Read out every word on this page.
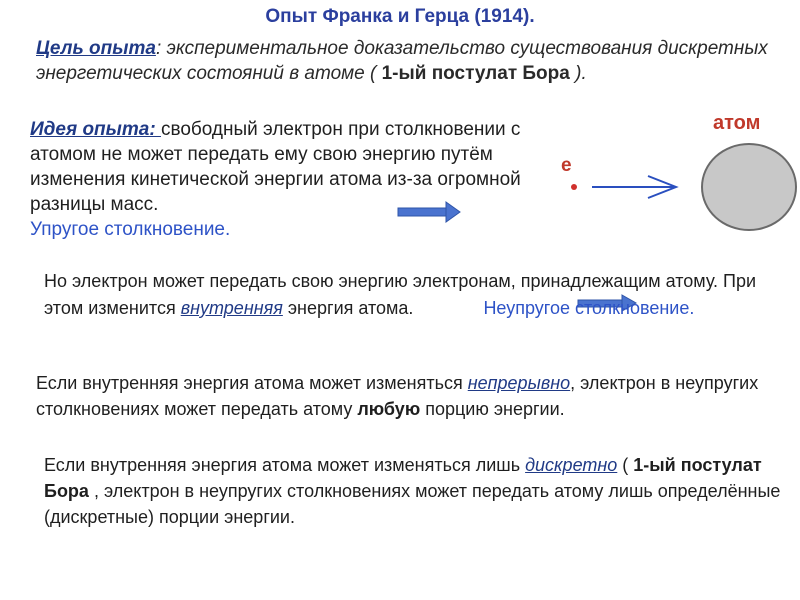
Опыт Франка и Герца (1914).
Цель опыта: экспериментальное доказательство существования дискретных энергетических состояний в атоме ( 1-ый постулат Бора ).
Идея опыта: свободный электрон при столкновении с атомом не может передать ему свою энергию путём изменения кинетической энергии атома из-за огромной разницы масс.
Упругое столкновение.
атом
e
Но электрон может передать свою энергию электронам, принадлежащим атому. При этом изменится внутренняя энергия атома.	Неупругое столкновение.
Если внутренняя энергия атома может изменяться непрерывно, электрон в неупругих столкновениях может передать атому любую порцию энергии.
Если внутренняя энергия атома может изменяться лишь дискретно ( 1-ый постулат Бора , электрон в неупругих столкновениях может передать атому лишь определённые (дискретные) порции энергии.
